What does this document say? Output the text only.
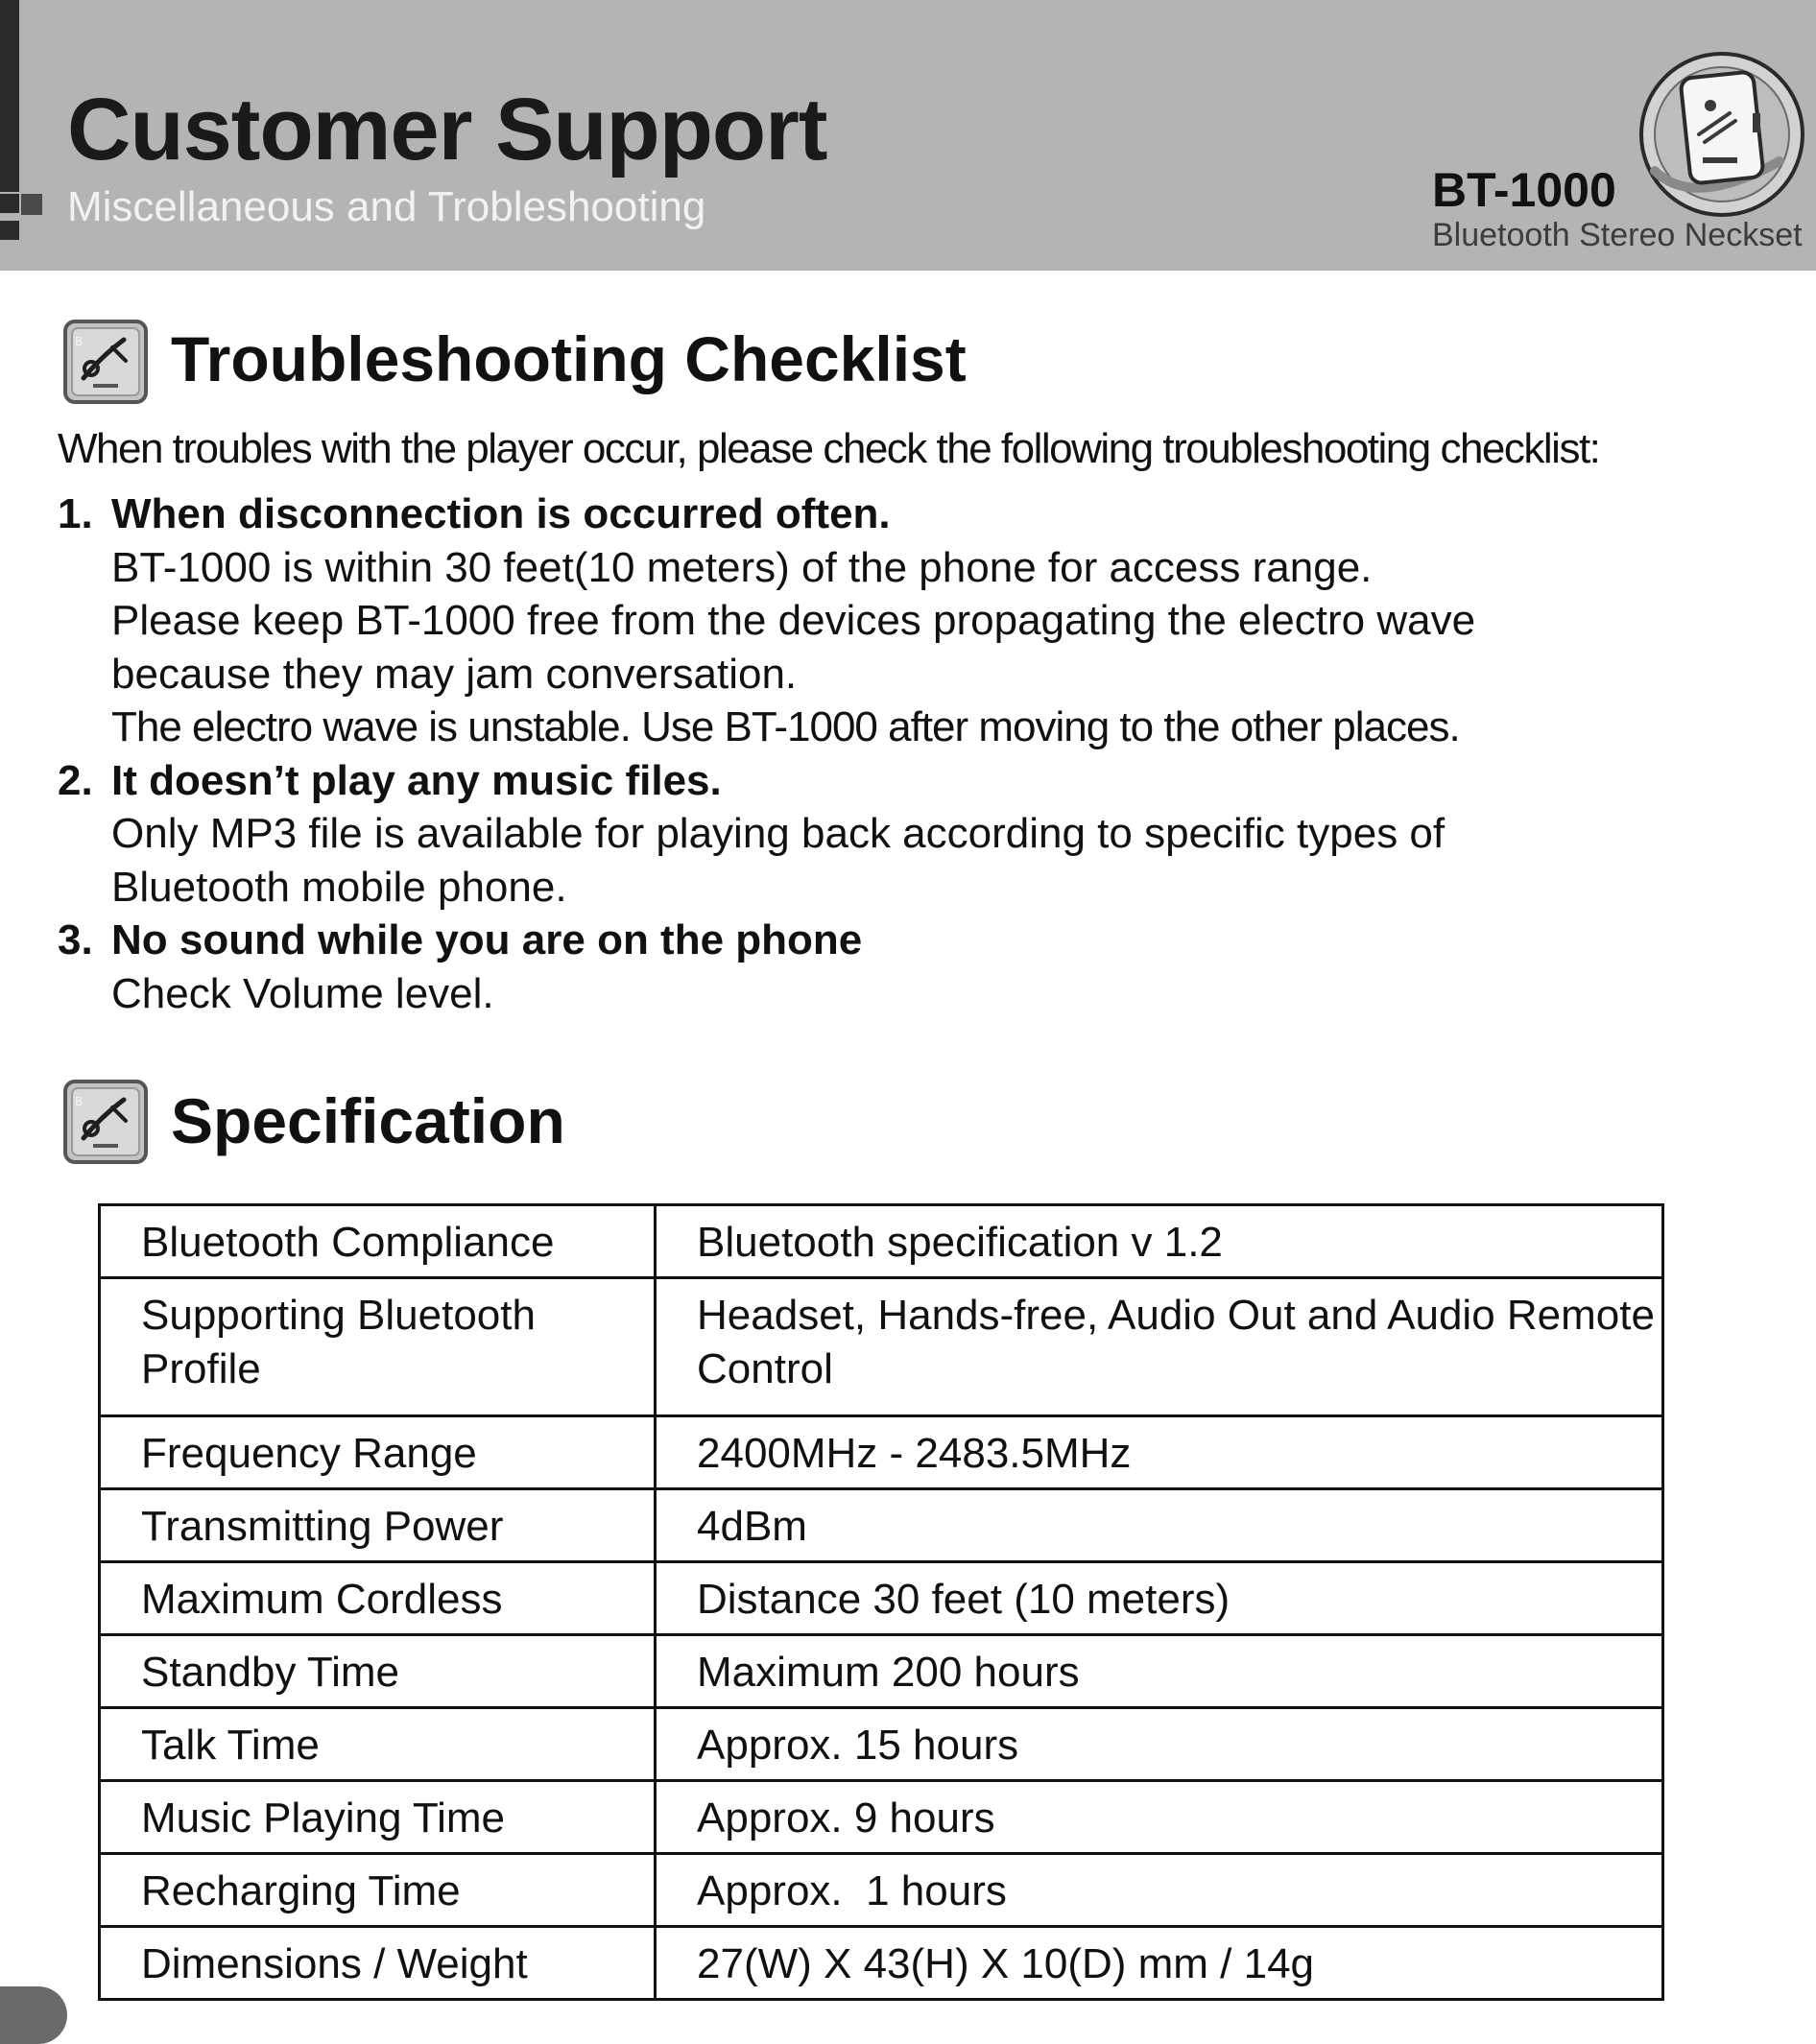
Customer Support

Miscellaneous and Trobleshooting	BT-1000
Bluetooth Stereo Neckset
B Troubleshooting Checklist

When troubles with the player occur, please check the following troubleshooting checklist:

1. When disconnection is occurred often.

BT-1000 is within 30 feet(10 meters) of the phone for access range.

Please keep BT-1000 free from the devices propagating the electro wave

because they may jam conversation.

The electro wave is unstable. Use BT-1000 after moving to the other places.

2. It doesn’t play any music files.

Only MP3 file is available for playing back according to specific types of

Bluetooth mobile phone.

3. No sound while you are on the phone

Check Volume level.

B Specification
Bluetooth Compliance	Bluetooth specification v 1.2
Supporting Bluetooth Profile	Headset, Hands-free, Audio Out and Audio Remote Control
Frequency Range	2400MHz - 2483.5MHz
Transmitting Power	4dBm
Maximum Cordless	Distance 30 feet (10 meters)
Standby Time	Maximum 200 hours
Talk Time	Approx. 15 hours
Music Playing Time	Approx. 9 hours
Recharging Time	Approx.  1 hours
Dimensions / Weight	27(W) X 43(H) X 10(D) mm / 14g
